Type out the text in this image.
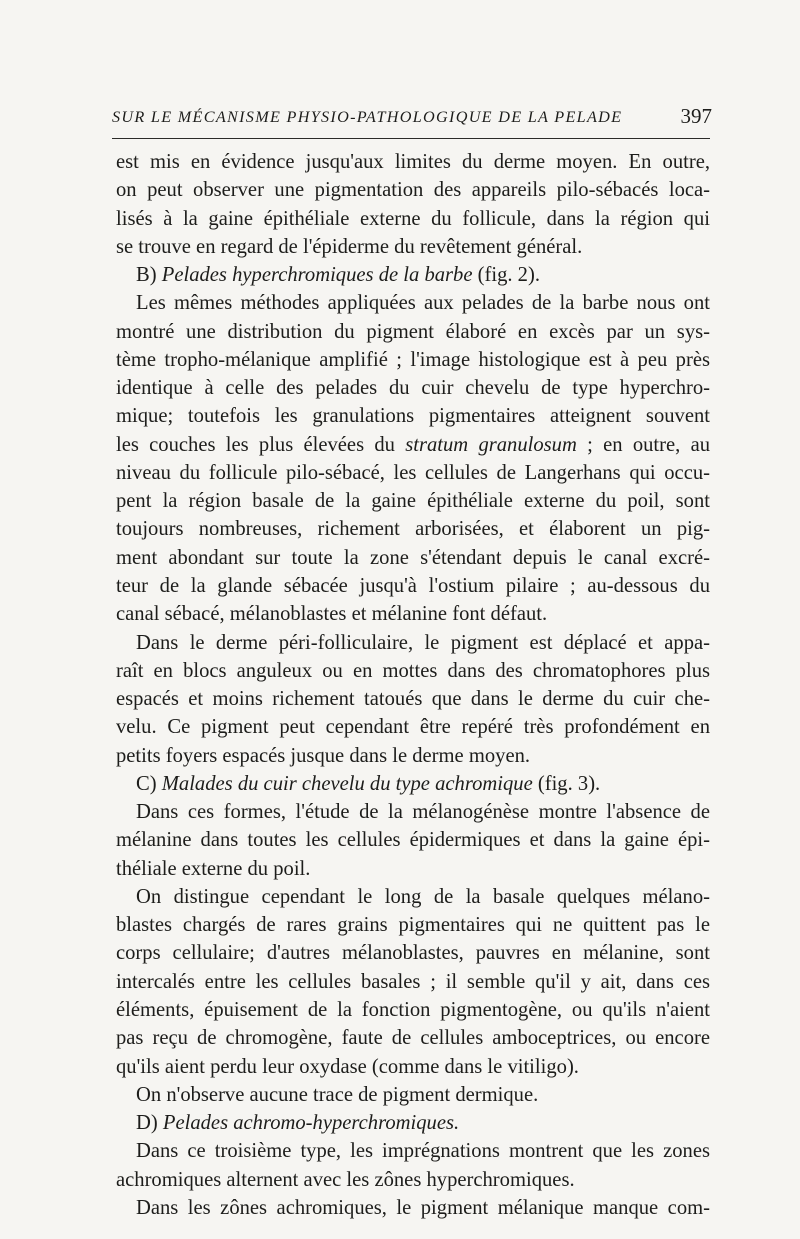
SUR LE MÉCANISME PHYSIO-PATHOLOGIQUE DE LA PELADE	397
est mis en évidence jusqu'aux limites du derme moyen. En outre,
on peut observer une pigmentation des appareils pilo-sébacés loca-
lisés à la gaine épithéliale externe du follicule, dans la région qui
se trouve en regard de l'épiderme du revêtement général.
B) Pelades hyperchromiques de la barbe (fig. 2).
Les mêmes méthodes appliquées aux pelades de la barbe nous ont
montré une distribution du pigment élaboré en excès par un sys-
tème tropho-mélanique amplifié ; l'image histologique est à peu près
identique à celle des pelades du cuir chevelu de type hyperchro-
mique; toutefois les granulations pigmentaires atteignent souvent
les couches les plus élevées du stratum granulosum ; en outre, au
niveau du follicule pilo-sébacé, les cellules de Langerhans qui occu-
pent la région basale de la gaine épithéliale externe du poil, sont
toujours nombreuses, richement arborisées, et élaborent un pig-
ment abondant sur toute la zone s'étendant depuis le canal excré-
teur de la glande sébacée jusqu'à l'ostium pilaire ; au-dessous du
canal sébacé, mélanoblastes et mélanine font défaut.
Dans le derme péri-folliculaire, le pigment est déplacé et appa-
raît en blocs anguleux ou en mottes dans des chromatophores plus
espacés et moins richement tatoués que dans le derme du cuir che-
velu. Ce pigment peut cependant être repéré très profondément en
petits foyers espacés jusque dans le derme moyen.
C) Malades du cuir chevelu du type achromique (fig. 3).
Dans ces formes, l'étude de la mélanogénèse montre l'absence de
mélanine dans toutes les cellules épidermiques et dans la gaine épi-
théliale externe du poil.
On distingue cependant le long de la basale quelques mélano-
blastes chargés de rares grains pigmentaires qui ne quittent pas le
corps cellulaire; d'autres mélanoblastes, pauvres en mélanine, sont
intercalés entre les cellules basales ; il semble qu'il y ait, dans ces
éléments, épuisement de la fonction pigmentogène, ou qu'ils n'aient
pas reçu de chromogène, faute de cellules amboceptrices, ou encore
qu'ils aient perdu leur oxydase (comme dans le vitiligo).
On n'observe aucune trace de pigment dermique.
D) Pelades achromo-hyperchromiques.
Dans ce troisième type, les imprégnations montrent que les zones
achromiques alternent avec les zônes hyperchromiques.
Dans les zônes achromiques, le pigment mélanique manque com-
